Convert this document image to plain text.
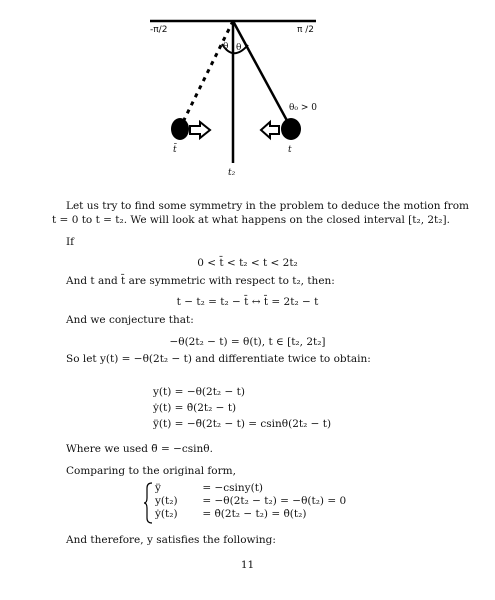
-π/2	π /2
θ θ
θ₀ > 0
t̄	t
t₂
Let us try to find some symmetry in the problem to deduce the motion from
t = 0 to t = t₂. We will look at what happens on the closed interval [t₂, 2t₂].
If
0 < t̄ < t₂ < t < 2t₂
And t and t̄ are symmetric with respect to t₂, then:
t − t₂ = t₂ − t̄ ↔ t̄ = 2t₂ − t
And we conjecture that:
−θ(2t₂ − t) = θ(t), t ∈ [t₂, 2t₂]
So let y(t) = −θ(2t₂ − t) and differentiate twice to obtain:
y(t) = −θ(2t₂ − t)
ẏ(t) = θ̇(2t₂ − t)
ÿ(t) = −θ̈(2t₂ − t) = csinθ(2t₂ − t)
Where we used θ̈ = −csinθ.
Comparing to the original form,
ÿ	= −csiny(t)
y(t₂) = −θ(2t₂ − t₂) = −θ(t₂) = 0
ẏ(t₂) = θ̇(2t₂ − t₂) = θ̇(t₂)
And therefore, y satisfies the following:
11
